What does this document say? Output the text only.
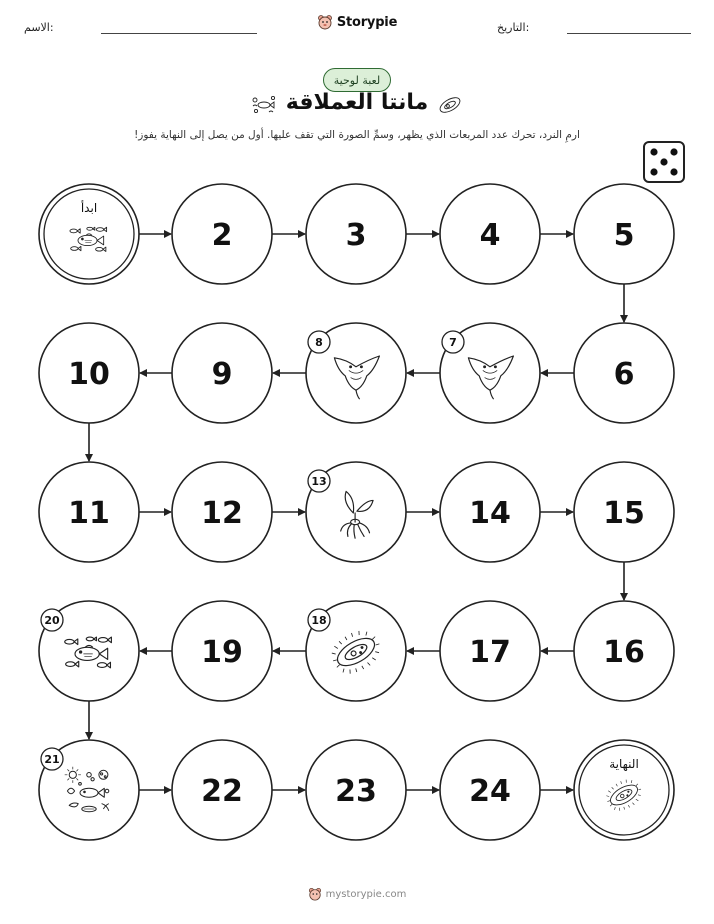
الاسم:	Storypie	التاريخ:
لعبة لوحية
مانتا العملاقة
ارمِ النرد، تحرك عدد المربعات الذي يظهر، وسمِّ الصورة التي تقف عليها. أول من يصل إلى النهاية يفوز!
ابدأ
2	3	4	5
6
7
8
9
10
11	12
13
14	15
16
17
18
19
20
21
22	23	24
النهاية
mystorypie.com
